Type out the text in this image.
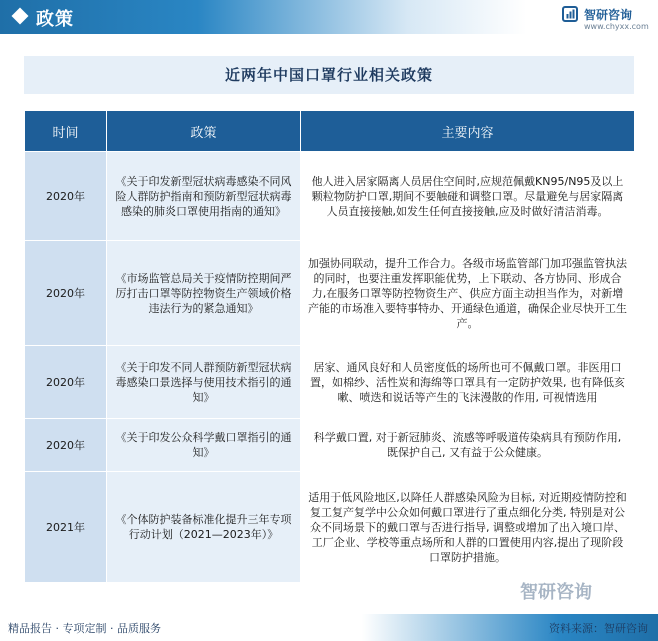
政策	智研咨询
www.chyxx.com
近两年中国口罩行业相关政策
时间	政策	主要内容
2020年	《关于印发新型冠状病毒感染不同风险人群防护指南和预防新型冠状病毒感染的肺炎口罩使用指南的通知》	他人进入居家隔离人员居住空间时,应规范佩戴KN95/N95及以上颗粒物防护口罩,期间不要触碰和调整口罩。尽量避免与居家隔离人员直接接触,如发生任何直接接触,应及时做好清洁消毒。
2020年	《市场监管总局关于疫情防控期间严厉打击口罩等防控物资生产领域价格违法行为的紧急通知》	加强协同联动，提升工作合力。各级市场监管部门加邛强监管执法的同时，也要注重发挥职能优势，上下联动、各方协同、形成合力,在服务口罩等防控物资生产、供应方面主动担当作为，对新增产能的市场准入要特事特办、开通绿色通道，确保企业尽快开工生产。
2020年	《关于印发不同人群预防新型冠状病毒感染口景选择与使用技术指引的通知》	居家、通风良好和人员密度低的场所也可不佩戴口罩。非医用口置，如棉纱、活性炭和海绵等口罩具有一定防护效果, 也有降低亥嗽、喷迭和说话等产生的飞沫漫散的作用, 可视情选用
2020年	《关于印发公众科学戴口罩指引的通知》	科学戴口置, 对于新冠肺炎、流感等呼吸道传染病具有预防作用, 既保护自己, 又有益于公众健康。
2021年	《个体防护装备标准化提升三年专项行动计划（2021—2023年）》	适用于低风险地区,以降任人群感染风险为目标, 对近期疫情防控和复工复产复学中公众如何戴口罩进行了重点细化分类, 特别是对公众不同场景下的戴口罩与否进行指导, 调整或增加了出入境口岸、工厂企业、学校等重点场所和人群的口置使用内容,提出了现阶段口罩防护措施。
智研咨询
精品报告 · 专项定制 · 品质服务	资料来源：智研咨询
